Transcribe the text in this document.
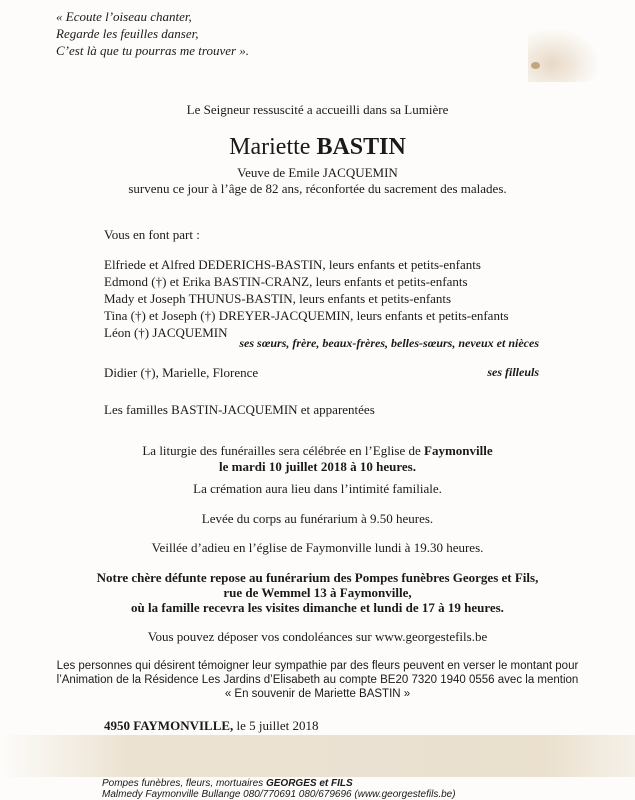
« Ecoute l’oiseau chanter,
Regarde les feuilles danser,
C’est là que tu pourras me trouver ».
Le Seigneur ressuscité a accueilli dans sa Lumière
Mariette BASTIN
Veuve de Emile JACQUEMIN
survenu ce jour à l’âge de 82 ans, réconfortée du sacrement des malades.
Vous en font part :
Elfriede et Alfred DEDERICHS-BASTIN, leurs enfants et petits-enfants
Edmond (†) et Erika BASTIN-CRANZ, leurs enfants et petits-enfants
Mady et Joseph THUNUS-BASTIN, leurs enfants et petits-enfants
Tina (†) et Joseph (†) DREYER-JACQUEMIN, leurs enfants et petits-enfants
Léon (†) JACQUEMIN
ses sœurs, frère, beaux-frères, belles-sœurs, neveux et nièces
Didier (†), Marielle, Florence	ses filleuls
Les familles BASTIN-JACQUEMIN et apparentées
La liturgie des funérailles sera célébrée en l’Eglise de Faymonville
le mardi 10 juillet 2018 à 10 heures.
La crémation aura lieu dans l’intimité familiale.
Levée du corps au funérarium à 9.50 heures.
Veillée d’adieu en l’église de Faymonville lundi à 19.30 heures.
Notre chère défunte repose au funérarium des Pompes funèbres Georges et Fils,
rue de Wemmel 13 à Faymonville,
où la famille recevra les visites dimanche et lundi de 17 à 19 heures.
Vous pouvez déposer vos condoléances sur www.georgestefils.be
Les personnes qui désirent témoigner leur sympathie par des fleurs peuvent en verser le montant pour
l’Animation de la Résidence Les Jardins d’Elisabeth au compte BE20 7320 1940 0556 avec la mention
« En souvenir de Mariette BASTIN »
4950 FAYMONVILLE, le 5 juillet 2018
Pompes funèbres, fleurs, mortuaires GEORGES et FILS
Malmedy Faymonville Bullange 080/770691 080/679696 (www.georgestefils.be)
